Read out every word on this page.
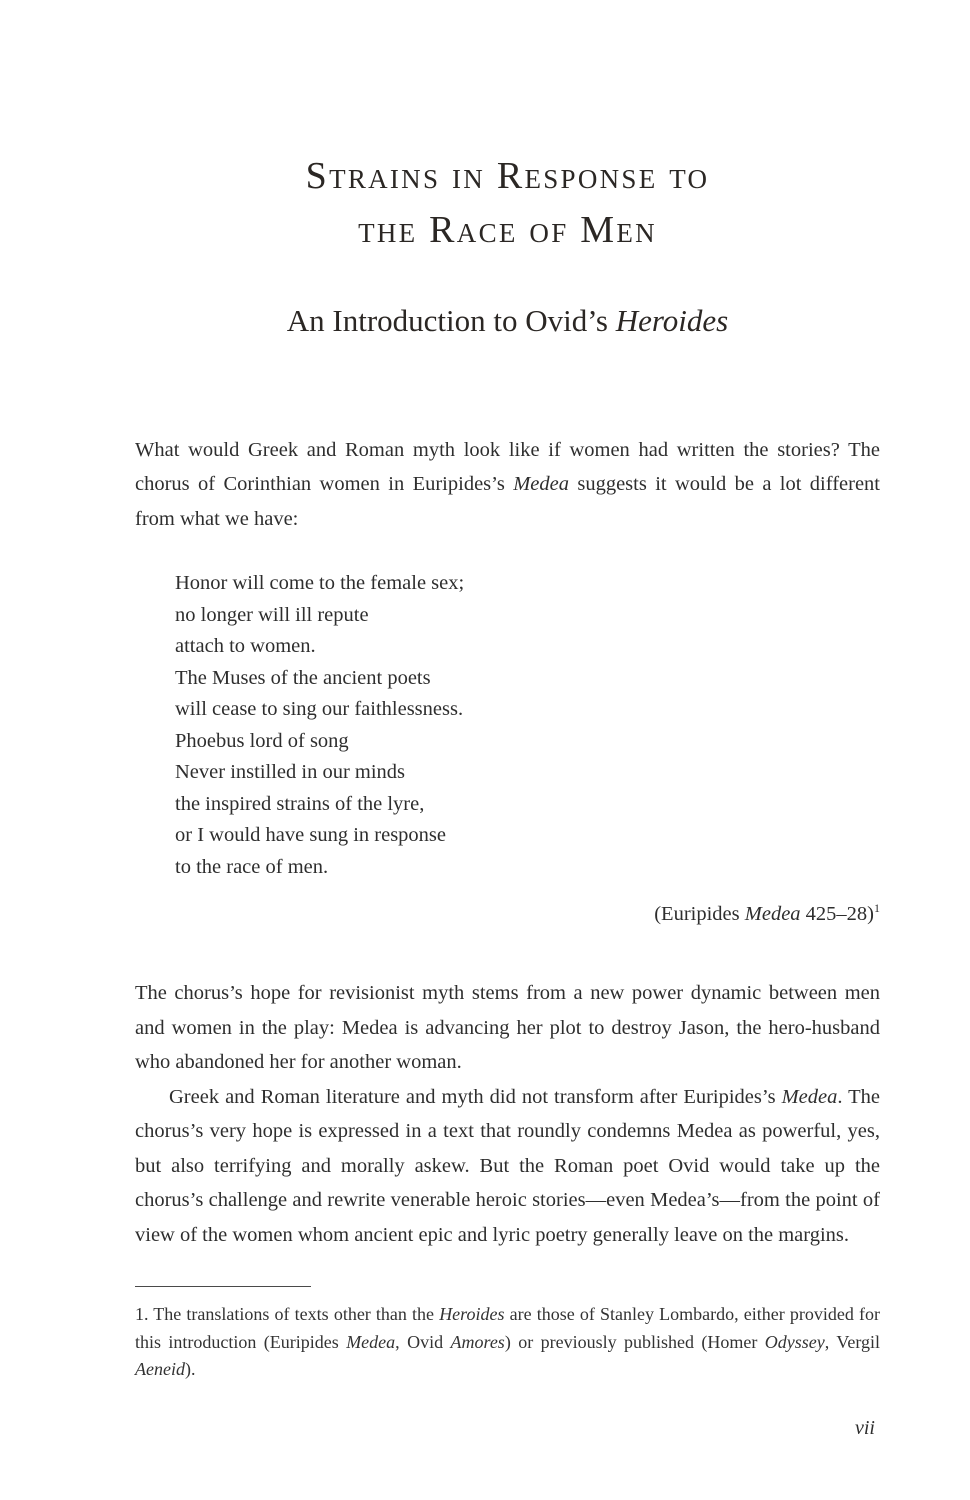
Strains in Response to
the Race of Men
An Introduction to Ovid’s Heroides

What would Greek and Roman myth look like if women had written the stories? The chorus of Corinthian women in Euripides’s Medea suggests it would be a lot different from what we have:

Honor will come to the female sex;
no longer will ill repute
attach to women.
The Muses of the ancient poets
will cease to sing our faithlessness.
Phoebus lord of song
Never instilled in our minds
the inspired strains of the lyre,
or I would have sung in response
to the race of men.

(Euripides Medea 425–28)$^1$

The chorus’s hope for revisionist myth stems from a new power dynamic between men and women in the play: Medea is advancing her plot to destroy Jason, the hero-husband who abandoned her for another woman.

Greek and Roman literature and myth did not transform after Euripides’s Medea. The chorus’s very hope is expressed in a text that roundly condemns Medea as powerful, yes, but also terrifying and morally askew. But the Roman poet Ovid would take up the chorus’s challenge and rewrite venerable heroic stories—even Medea’s—from the point of view of the women whom ancient epic and lyric poetry generally leave on the margins.

1. The translations of texts other than the Heroides are those of Stanley Lombardo, either provided for this introduction (Euripides Medea, Ovid Amores) or previously published (Homer Odyssey, Vergil Aeneid).

vii
